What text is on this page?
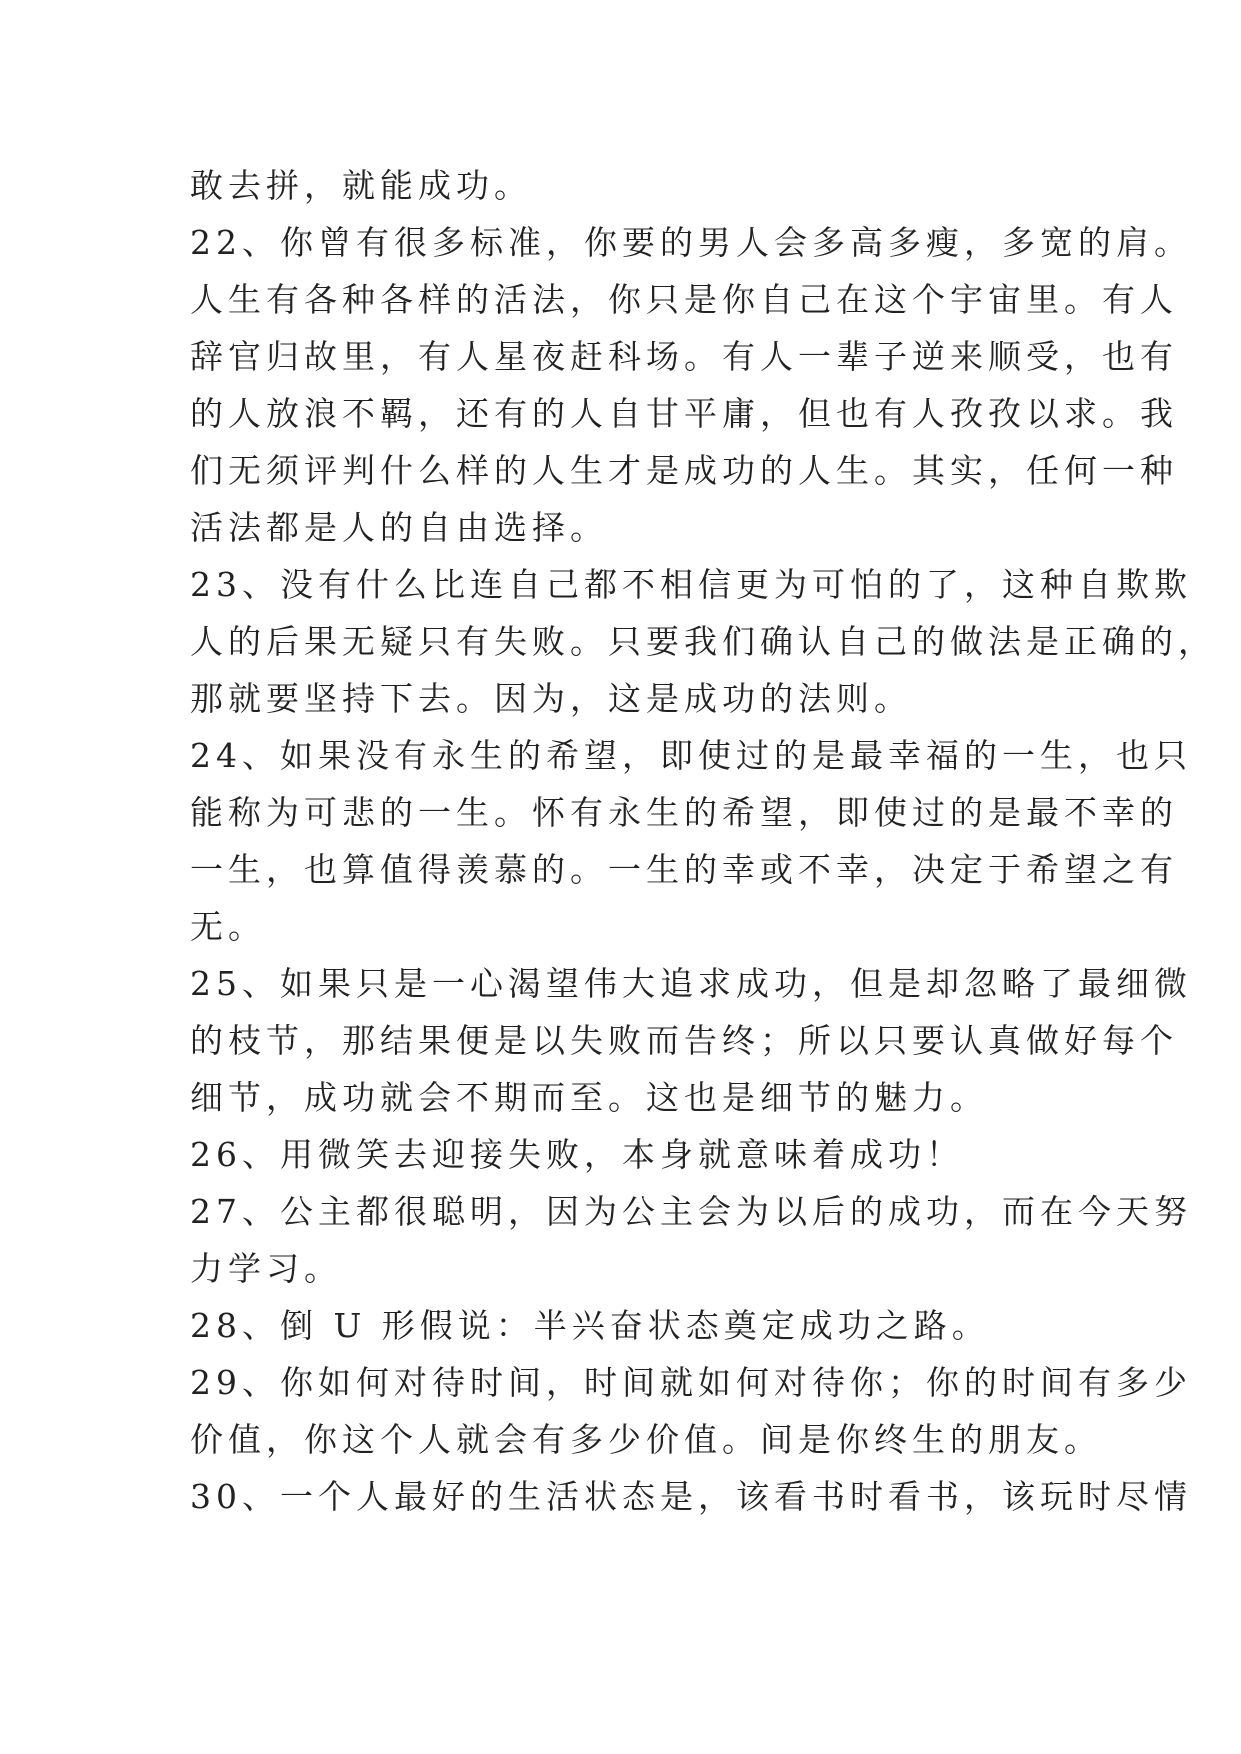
敢去拼，就能成功。
22、你曾有很多标准，你要的男人会多高多瘦，多宽的肩。
人生有各种各样的活法，你只是你自己在这个宇宙里。有人
辞官归故里，有人星夜赶科场。有人一辈子逆来顺受，也有
的人放浪不羁，还有的人自甘平庸，但也有人孜孜以求。我
们无须评判什么样的人生才是成功的人生。其实，任何一种
活法都是人的自由选择。
23、没有什么比连自己都不相信更为可怕的了，这种自欺欺
人的后果无疑只有失败。只要我们确认自己的做法是正确的，
那就要坚持下去。因为，这是成功的法则。
24、如果没有永生的希望，即使过的是最幸福的一生，也只
能称为可悲的一生。怀有永生的希望，即使过的是最不幸的
一生，也算值得羡慕的。一生的幸或不幸，决定于希望之有
无。
25、如果只是一心渴望伟大追求成功，但是却忽略了最细微
的枝节，那结果便是以失败而告终；所以只要认真做好每个
细节，成功就会不期而至。这也是细节的魅力。
26、用微笑去迎接失败，本身就意味着成功！
27、公主都很聪明，因为公主会为以后的成功，而在今天努
力学习。
28、倒 U 形假说：半兴奋状态奠定成功之路。
29、你如何对待时间，时间就如何对待你；你的时间有多少
价值，你这个人就会有多少价值。间是你终生的朋友。
30、一个人最好的生活状态是，该看书时看书，该玩时尽情
